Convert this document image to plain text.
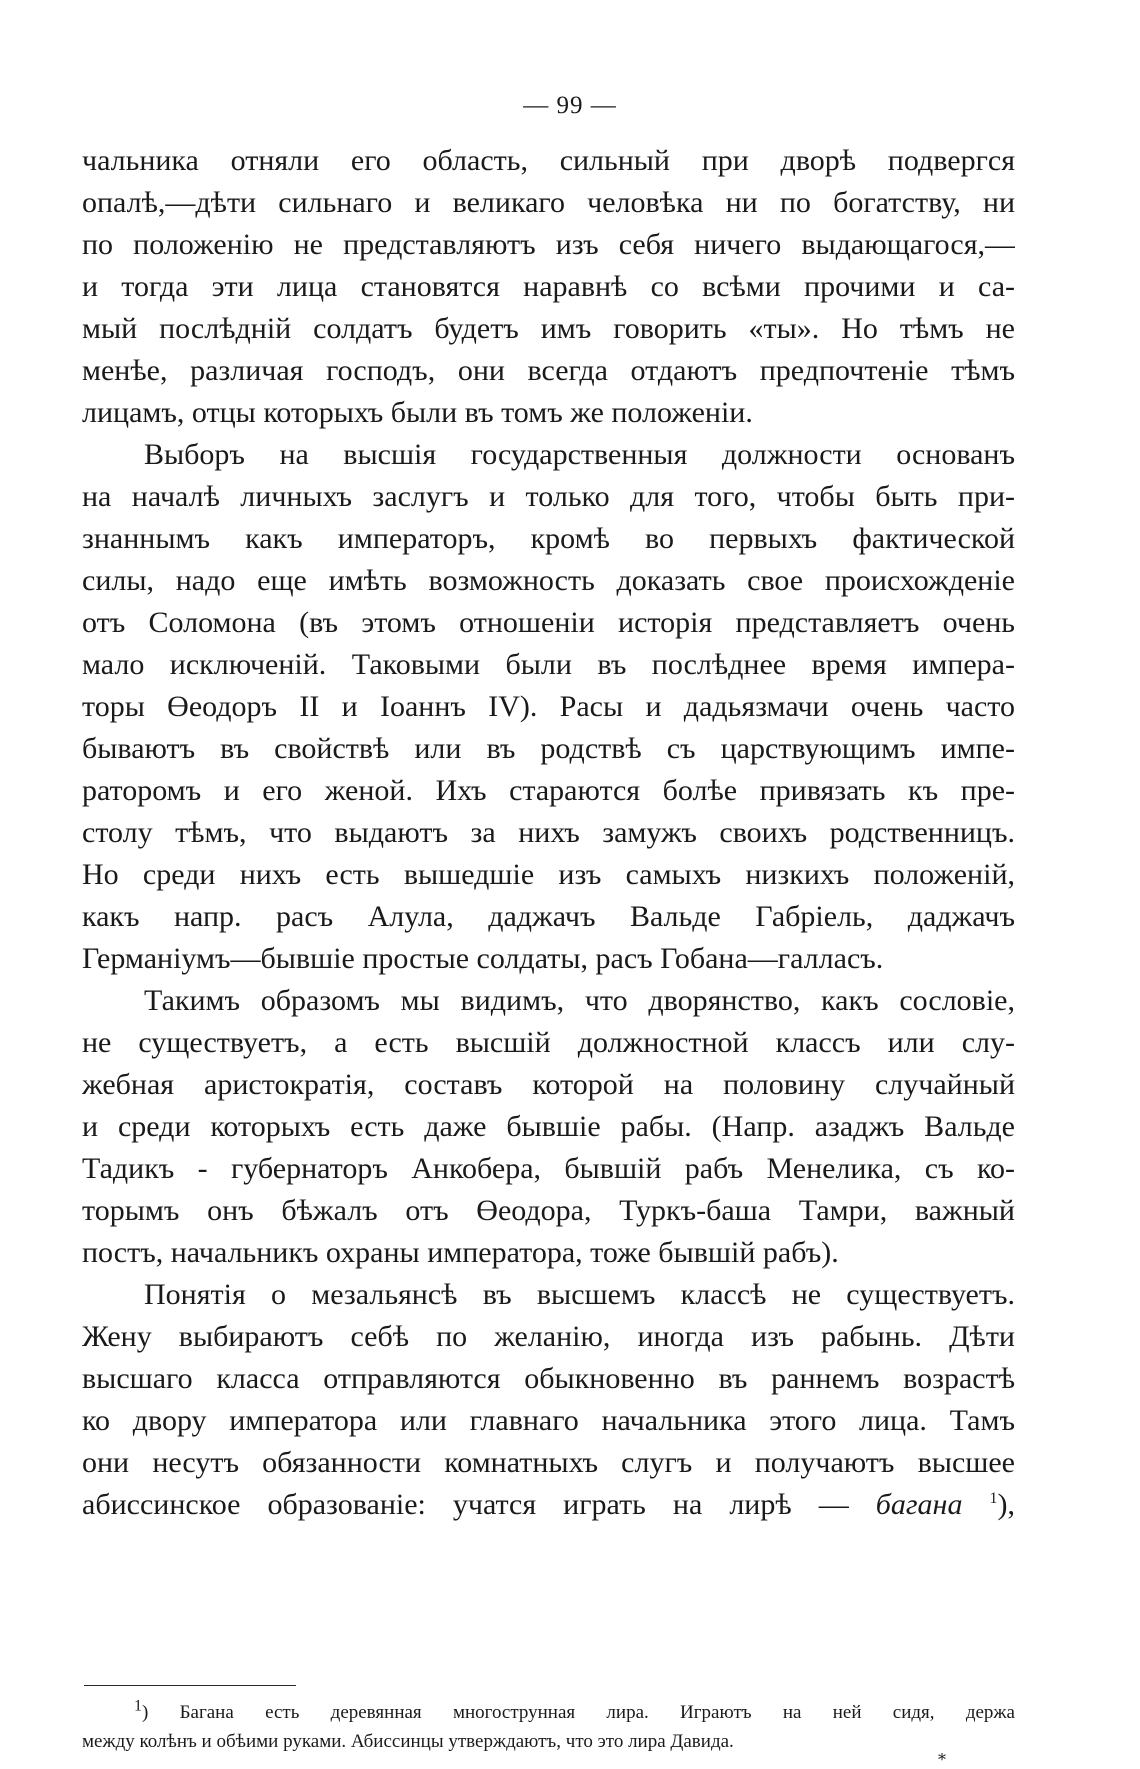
— 99 —
чальника отняли его область, сильный при дворѣ подвергся
опалѣ,—дѣти сильнаго и великаго человѣка ни по богатству, ни
по положенію не представляютъ изъ себя ничего выдающагося,—
и тогда эти лица становятся наравнѣ со всѣми прочими и са-
мый послѣдній солдатъ будетъ имъ говорить «ты». Но тѣмъ не
менѣе, различая господъ, они всегда отдаютъ предпочтеніе тѣмъ
лицамъ, отцы которыхъ были въ томъ же положеніи.
Выборъ на высшія государственныя должности основанъ
на началѣ личныхъ заслугъ и только для того, чтобы быть при-
знаннымъ какъ императоръ, кромѣ во первыхъ фактической
силы, надо еще имѣть возможность доказать свое происхожденіе
отъ Соломона (въ этомъ отношеніи исторія представляетъ очень
мало исключеній. Таковыми были въ послѣднее время импера-
торы Өеодоръ II и Іоаннъ IV). Расы и дадьязмачи очень часто
бываютъ въ свойствѣ или въ родствѣ съ царствующимъ импе-
раторомъ и его женой. Ихъ стараются болѣе привязать къ пре-
столу тѣмъ, что выдаютъ за нихъ замужъ своихъ родственницъ.
Но среди нихъ есть вышедшіе изъ самыхъ низкихъ положеній,
какъ напр. расъ Алула, даджачъ Вальде Габріель, даджачъ
Германіумъ—бывшіе простые солдаты, расъ Гобана—галласъ.
Такимъ образомъ мы видимъ, что дворянство, какъ сословіе,
не существуетъ, а есть высшій должностной классъ или слу-
жебная аристократія, составъ которой на половину случайный
и среди которыхъ есть даже бывшіе рабы. (Напр. азаджъ Вальде
Тадикъ - губернаторъ Анкобера, бывшій рабъ Менелика, съ ко-
торымъ онъ бѣжалъ отъ Өеодора, Туркъ-баша Тамри, важный
постъ, начальникъ охраны императора, тоже бывшій рабъ).
Понятія о мезальянсѣ въ высшемъ классѣ не существуетъ.
Жену выбираютъ себѣ по желанію, иногда изъ рабынь. Дѣти
высшаго класса отправляются обыкновенно въ раннемъ возрастѣ
ко двору императора или главнаго начальника этого лица. Тамъ
они несутъ обязанности комнатныхъ слугъ и получаютъ высшее
абиссинское образованіе: учатся играть на лирѣ — багана $^1$),
$^1$) Багана есть деревянная многострунная лира. Играютъ на ней сидя, держа
между колѣнъ и обѣими руками. Абиссинцы утверждаютъ, что это лира Давида.
*
